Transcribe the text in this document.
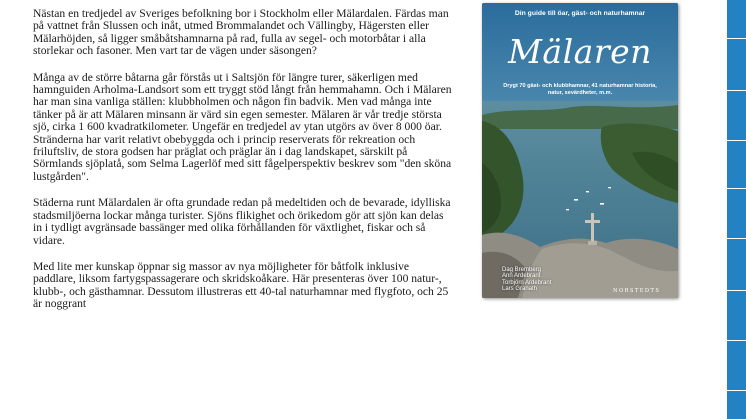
Nästan en tredjedel av Sveriges befolkning bor i Stockholm eller Mälardalen. Färdas man på vattnet från Slussen och inåt, utmed Brommalandet och Vällingby, Hägersten eller Mälarhöjden, så ligger småbåtshamnarna på rad, fulla av segel- och motorbåtar i alla storlekar och fasoner. Men vart tar de vägen under säsongen?

Många av de större båtarna går förstås ut i Saltsjön för längre turer, säkerligen med hamnguiden Arholma-Landsort som ett tryggt stöd långt från hemmahamn. Och i Mälaren har man sina vanliga ställen: klubbholmen och någon fin badvik. Men vad många inte tänker på är att Mälaren minsann är värd sin egen semester. Mälaren är vår tredje största sjö, cirka 1 600 kvadratkilometer. Ungefär en tredjedel av ytan utgörs av över 8 000 öar. Stränderna har varit relativt obebyggda och i princip reserverats för rekreation och friluftsliv, de stora godsen har präglat och präglar än i dag landskapet, särskilt på Sörmlands sjöplatå, som Selma Lagerlöf med sitt fågelperspektiv beskrev som "den sköna lustgården".

Städerna runt Mälardalen är ofta grundade redan på medeltiden och de bevarade, idylliska stadsmiljöerna lockar många turister. Sjöns flikighet och örikedom gör att sjön kan delas in i tydligt avgränsade bassänger med olika förhållanden för växtlighet, fiskar och så vidare.

Med lite mer kunskap öppnar sig massor av nya möjligheter för båtfolk inklusive paddlare, liksom fartygspassagerare och skridskoåkare. Här presenteras över 100 natur-, klubb-, och gästhamnar. Dessutom illustreras ett 40-tal naturhamnar med flygfoto, och 25 är noggrant

Din guide till öar, gäst- och naturhamnar
Mälaren
Drygt 70 gäst- och klubbhamnar, 41 naturhamnar historia, natur, sevärdheter, m.m.
Dag Bremberg
Ann Ardebrant
Torbjörn Ardebrant
Lars Granath	NORSTEDTS
